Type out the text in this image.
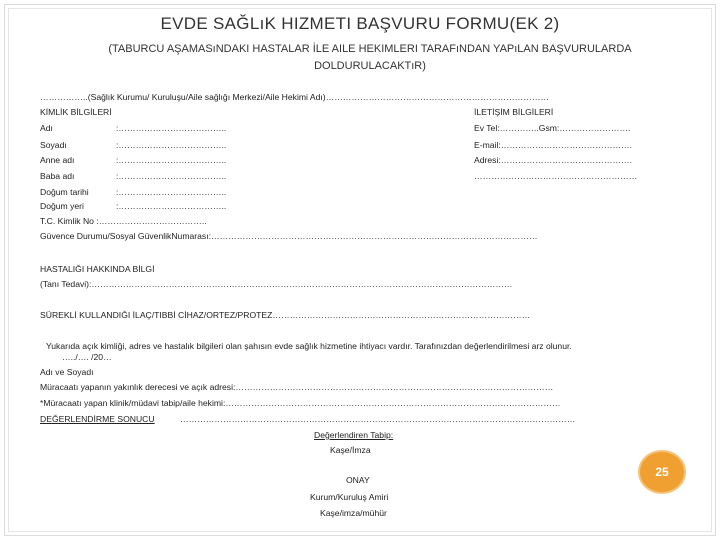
EVDE SAĞLıK HIZMETI BAŞVURU FORMU(EK 2)
(TABURCU AŞAMASıNDAKI HASTALAR İLE AILE HEKIMLERI TARAFıNDAN YAPıLAN BAŞVURULARDA
DOLDURULACAKTıR)
……………..(Sağlık Kurumu/ Kuruluşu/Aile sağlığı Merkezi/Aile Hekimi Adı)……………………………………………………………………
KİMLİK BİLGİLERİ
Adı	:………………………………..
Soyadı	:………………………………..
Anne adı	:………………………………..
Baba adı	:………………………………..
Doğum tarihi	:………………………………..
Doğum yeri	:………………………………..
T.C. Kimlik No :………………………………..
Güvence Durumu/Sosyal GüvenlikNumarası:……………………………………………………………………………………………………
İLETİŞİM BİLGİLERİ
Ev Tel:…………..Gsm:…………………….
E-mail:……………………………………….
Adresi:……………………………………….
…………………………………………………
HASTALIĞI HAKKINDA BİLGİ
(Tanı Tedavi):…………………………………………………………………………………………………………………………………
SÜREKLİ KULLANDIĞI İLAÇ/TIBBİ CİHAZ/ORTEZ/PROTEZ………………………………………………………………………………
Yukarıda açık kimliği, adres ve hastalık bilgileri olan şahısın evde sağlık hizmetine ihtiyacı vardır. Tarafınızdan değerlendirilmesi arz olunur.
…../…. /20…
Adı ve Soyadı
Müracaatı yapanın yakınlık derecesi ve açık adresi:…………………………………………………………………………………………………
*Müracaatı yapan klinik/müdavi tabip/aile hekimi:………………………………………………………………………………………………………
DEĞERLENDİRME SONUCU	…………………………………………………………………………………………………………………………
Değerlendiren Tabip:
Kaşe/İmza
ONAY
Kurum/Kuruluş Amiri
Kaşe/imza/mühür
25
